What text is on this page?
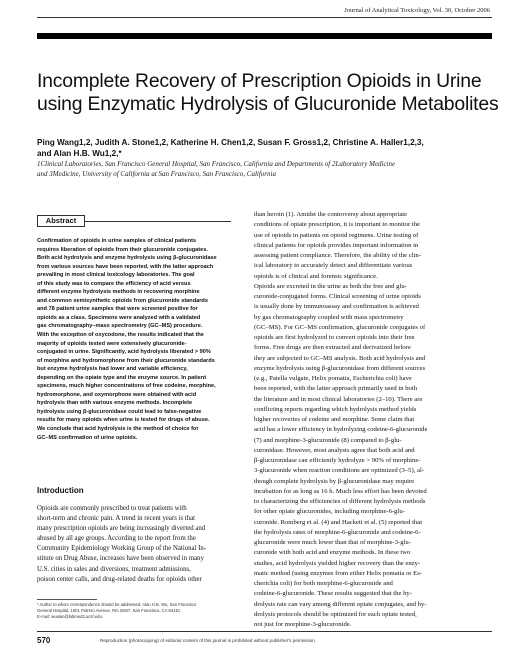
Journal of Analytical Toxicology, Vol. 30, October 2006
Incomplete Recovery of Prescription Opioids in Urine
using Enzymatic Hydrolysis of Glucuronide Metabolites
Ping Wang1,2, Judith A. Stone1,2, Katherine H. Chen1,2, Susan F. Gross1,2, Christine A. Haller1,2,3,
and Alan H.B. Wu1,2,*
1Clinical Laboratories, San Francisco General Hospital, San Francisco, California and Departments of 2Laboratory Medicine
and 3Medicine, University of California at San Francisco, San Francisco, California
Abstract
Confirmation of opioids in urine samples of clinical patients
requires liberation of opioids from their glucuronide conjugates.
Both acid hydrolysis and enzyme hydrolysis using β-glucuronidase
from various sources have been reported, with the latter approach
prevailing in most clinical toxicology laboratories. The goal
of this study was to compare the efficiency of acid versus
different enzyme hydrolysis methods in recovering morphine
and common semisynthetic opioids from glucuronide standards
and 78 patient urine samples that were screened positive for
opioids as a class. Specimens were analyzed with a validated
gas chromatography–mass spectrometry (GC–MS) procedure.
With the exception of oxycodone, the results indicated that the
majority of opioids tested were extensively glucuronide-
conjugated in urine. Significantly, acid hydrolysis liberated > 90%
of morphine and hydromorphone from their glucuronide standards
but enzyme hydrolysis had lower and variable efficiency,
depending on the opiate type and the enzyme source. In patient
specimens, much higher concentrations of free codeine, morphine,
hydromorphone, and oxymorphone were obtained with acid
hydrolysis than with various enzyme methods. Incomplete
hydrolysis using β-glucuronidase could lead to false-negative
results for many opioids when urine is tested for drugs of abuse.
We conclude that acid hydrolysis is the method of choice for
GC–MS confirmation of urine opioids.
Introduction
Opioids are commonly prescribed to treat patients with
short-term and chronic pain. A trend in recent years is that
many prescription opioids are being increasingly diverted and
abused by all age groups. According to the report from the
Community Epidemiology Working Group of the National In-
stitute on Drug Abuse, increases have been observed in many
U.S. cities in sales and diversions, treatment admissions,
poison center calls, and drug-related deaths for opioids other
than heroin (1). Amidst the controversy about appropriate
conditions of opiate prescription, it is important to monitor the
use of opioids in patients on opioid regimens. Urine testing of
clinical patients for opioids provides important information in
assessing patient compliance. Therefore, the ability of the clin-
ical laboratory to accurately detect and differentiate various
opioids is of clinical and forensic significance.
Opioids are excreted in the urine as both the free and glu-
curonide-conjugated forms. Clinical screening of urine opioids
is usually done by immunoassay and confirmation is achieved
by gas chromatography coupled with mass spectrometry
(GC–MS). For GC–MS confirmation, glucuronide conjugates of
opioids are first hydrolyzed to convert opioids into their free
forms. Free drugs are then extracted and derivatized before
they are subjected to GC–MS analysis. Both acid hydrolysis and
enzyme hydrolysis using β-glucuronidase from different sources
(e.g., Patella vulgate, Helix pomatia, Escherichia coli) have
been reported, with the latter approach primarily used in both
the literature and in most clinical laboratories (2–10). There are
conflicting reports regarding which hydrolysis method yields
higher recoveries of codeine and morphine. Some claim that
acid has a lower efficiency in hydrolyzing codeine-6-glucuronide
(7) and morphine-3-glucuronide (8) compared to β-glu-
curonidase. However, most analysts agree that both acid and
β-glucuronidase can efficiently hydrolyze > 90% of morphine-
3-glucuronide when reaction conditions are optimized (3–5), al-
though complete hydrolysis by β-glucuronidase may require
incubation for as long as 16 h. Much less effort has been devoted
to characterizing the efficiencies of different hydrolysis methods
for other opiate glucuronides, including morphine-6-glu-
curonide. Romberg et al. (4) and Hackett et al. (5) reported that
the hydrolysis rates of morphine-6-glucuronide and codeine-6-
glucuronide were much lower than that of morphine-3-glu-
curonide with both acid and enzyme methods. In these two
studies, acid hydrolysis yielded higher recovery than the enzy-
matic method (using enzymes from either Helix pomatia or Es-
cherichia coli) for both morphine-6-glucuronide and
codeine-6-glucuronide. These results suggested that the hy-
drolysis rate can vary among different opiate conjugates, and hy-
drolysis protocols should be optimized for each opiate tested,
not just for morphine-3-glucuronide.
* Author to whom correspondence should be addressed: Alan H.B. Wu, San Francisco
General Hospital, 1001 Potrero Avenue, Rm 2M27, San Francisco, CA 94110.
E-mail: wualan@labmed2.ucsf.edu.
570	Reproduction (photocopying) of editorial content of this journal is prohibited without publisher's permission.
